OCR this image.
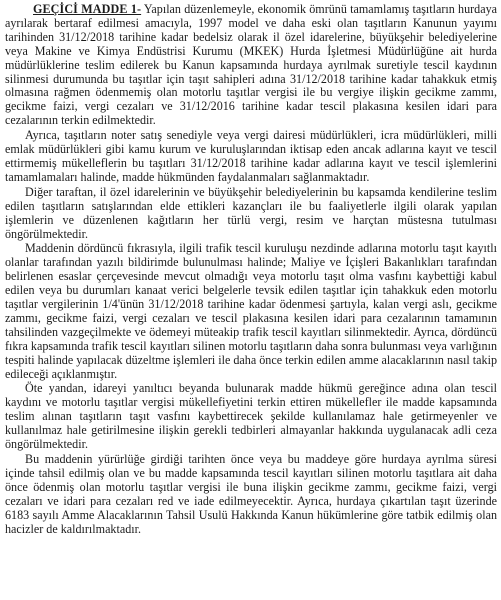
GEÇİCİ MADDE 1- Yapılan düzenlemeyle, ekonomik ömrünü tamamlamış taşıtların hurdaya ayrılarak bertaraf edilmesi amacıyla, 1997 model ve daha eski olan taşıtların Kanunun yayımı tarihinden 31/12/2018 tarihine kadar bedelsiz olarak il özel idarelerine, büyükşehir belediyelerine veya Makine ve Kimya Endüstrisi Kurumu (MKEK) Hurda İşletmesi Müdürlüğüne ait hurda müdürlüklerine teslim edilerek bu Kanun kapsamında hurdaya ayrılmak suretiyle tescil kaydının silinmesi durumunda bu taşıtlar için taşıt sahipleri adına 31/12/2018 tarihine kadar tahakkuk etmiş olmasına rağmen ödenmemiş olan motorlu taşıtlar vergisi ile bu vergiye ilişkin gecikme zammı, gecikme faizi, vergi cezaları ve 31/12/2016 tarihine kadar tescil plakasına kesilen idari para cezalarının terkin edilmektedir.

Ayrıca, taşıtların noter satış senediyle veya vergi dairesi müdürlükleri, icra müdürlükleri, milli emlak müdürlükleri gibi kamu kurum ve kuruluşlarından iktisap eden ancak adlarına kayıt ve tescil ettirmemiş mükelleflerin bu taşıtları 31/12/2018 tarihine kadar adlarına kayıt ve tescil işlemlerini tamamlamaları halinde, madde hükmünden faydalanmaları sağlanmaktadır.

Diğer taraftan, il özel idarelerinin ve büyükşehir belediyelerinin bu kapsamda kendilerine teslim edilen taşıtların satışlarından elde ettikleri kazançları ile bu faaliyetlerle ilgili olarak yapılan işlemlerin ve düzenlenen kağıtların her türlü vergi, resim ve harçtan müstesna tutulması öngörülmektedir.

Maddenin dördüncü fıkrasıyla, ilgili trafik tescil kuruluşu nezdinde adlarına motorlu taşıt kayıtlı olanlar tarafından yazılı bildirimde bulunulması halinde; Maliye ve İçişleri Bakanlıkları tarafından belirlenen esaslar çerçevesinde mevcut olmadığı veya motorlu taşıt olma vasfını kaybettiği kabul edilen veya bu durumları kanaat verici belgelerle tevsik edilen taşıtlar için tahakkuk eden motorlu taşıtlar vergilerinin 1/4'ünün 31/12/2018 tarihine kadar ödenmesi şartıyla, kalan vergi aslı, gecikme zammı, gecikme faizi, vergi cezaları ve tescil plakasına kesilen idari para cezalarının tamamının tahsilinden vazgeçilmekte ve ödemeyi müteakip trafik tescil kayıtları silinmektedir. Ayrıca, dördüncü fıkra kapsamında trafik tescil kayıtları silinen motorlu taşıtların daha sonra bulunması veya varlığının tespiti halinde yapılacak düzeltme işlemleri ile daha önce terkin edilen amme alacaklarının nasıl takip edileceği açıklanmıştır.

Öte yandan, idareyi yanıltıcı beyanda bulunarak madde hükmü gereğince adına olan tescil kaydını ve motorlu taşıtlar vergisi mükellefiyetini terkin ettiren mükellefler ile madde kapsamında teslim alınan taşıtların taşıt vasfını kaybettirecek şekilde kullanılamaz hale getirmeyenler ve kullanılmaz hale getirilmesine ilişkin gerekli tedbirleri almayanlar hakkında uygulanacak adli ceza öngörülmektedir.

Bu maddenin yürürlüğe girdiği tarihten önce veya bu maddeye göre hurdaya ayrılma süresi içinde tahsil edilmiş olan ve bu madde kapsamında tescil kayıtları silinen motorlu taşıtlara ait daha önce ödenmiş olan motorlu taşıtlar vergisi ile buna ilişkin gecikme zammı, gecikme faizi, vergi cezaları ve idari para cezaları red ve iade edilmeyecektir. Ayrıca, hurdaya çıkartılan taşıt üzerinde 6183 sayılı Amme Alacaklarının Tahsil Usulü Hakkında Kanun hükümlerine göre tatbik edilmiş olan hacizler de kaldırılmaktadır.
